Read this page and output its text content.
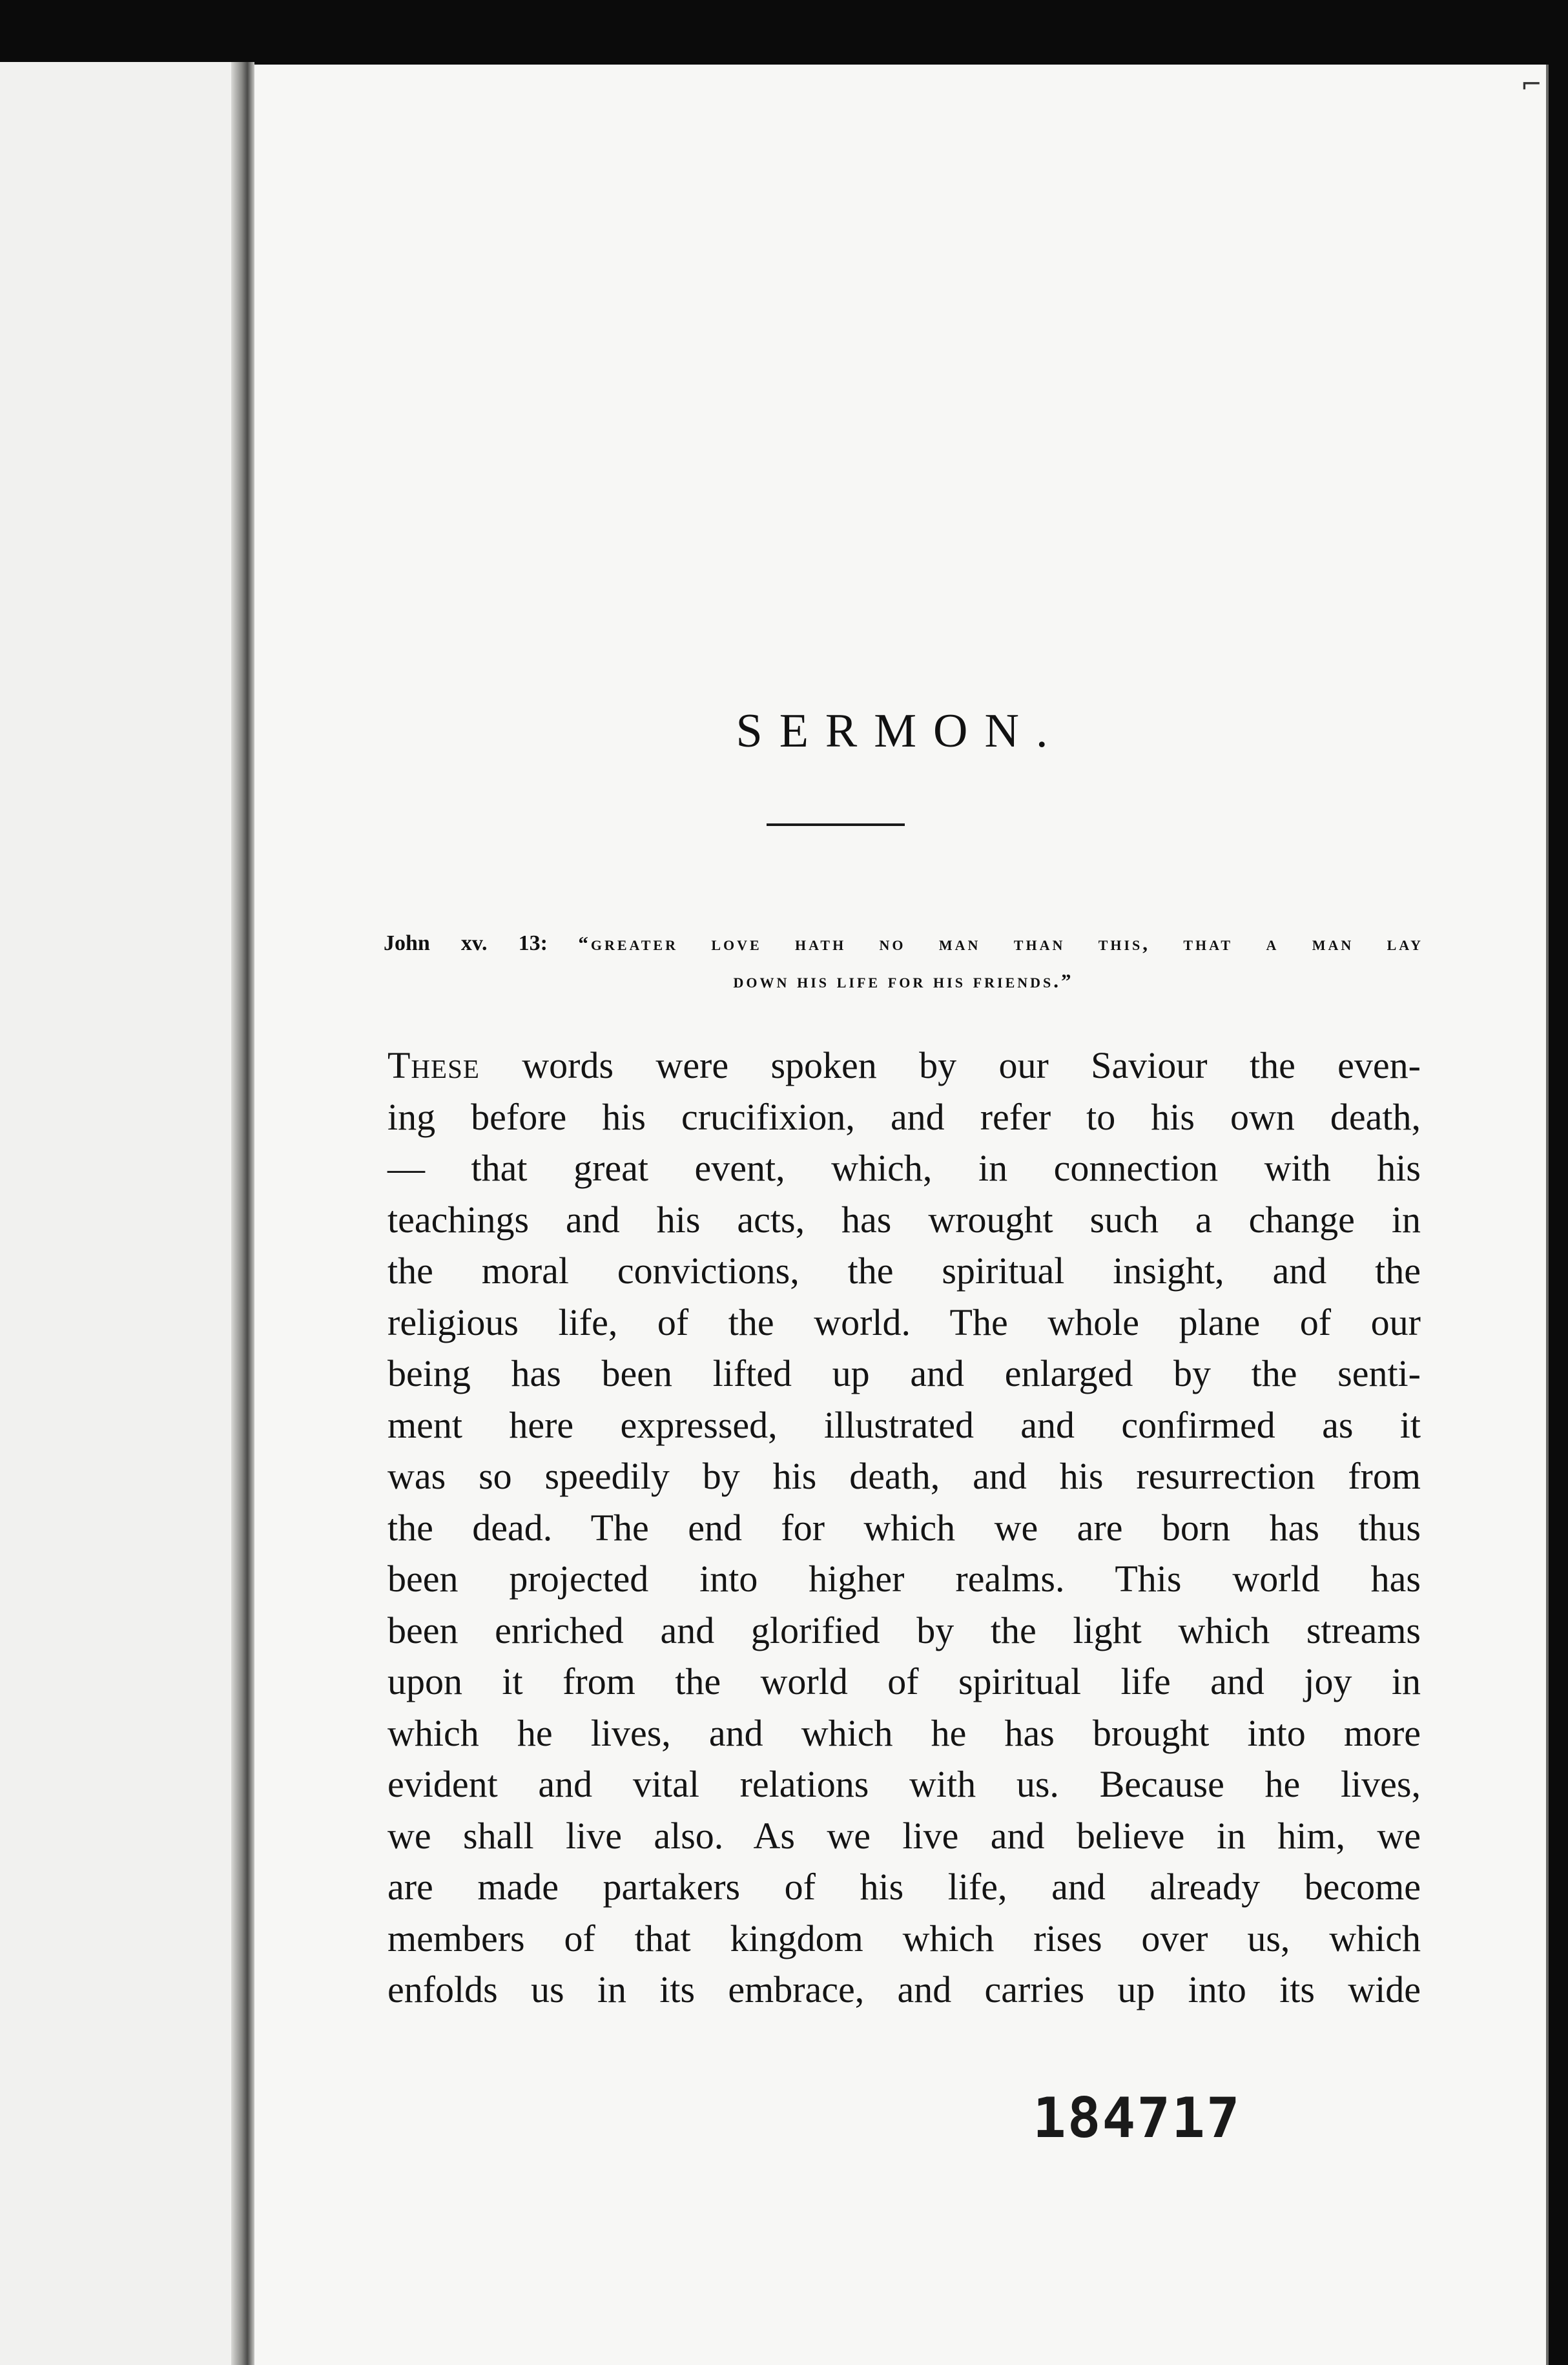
⌐
SERMON.
John xv. 13: “greater love hath no man than this, that a man lay
down his life for his friends.”
These words were spoken by our Saviour the even-
ing before his crucifixion, and refer to his own death,
— that great event, which, in connection with his
teachings and his acts, has wrought such a change in
the moral convictions, the spiritual insight, and the
religious life, of the world. The whole plane of our
being has been lifted up and enlarged by the senti-
ment here expressed, illustrated and confirmed as it
was so speedily by his death, and his resurrection from
the dead. The end for which we are born has thus
been projected into higher realms. This world has
been enriched and glorified by the light which streams
upon it from the world of spiritual life and joy in
which he lives, and which he has brought into more
evident and vital relations with us. Because he lives,
we shall live also. As we live and believe in him, we
are made partakers of his life, and already become
members of that kingdom which rises over us, which
enfolds us in its embrace, and carries up into its wide
184717
